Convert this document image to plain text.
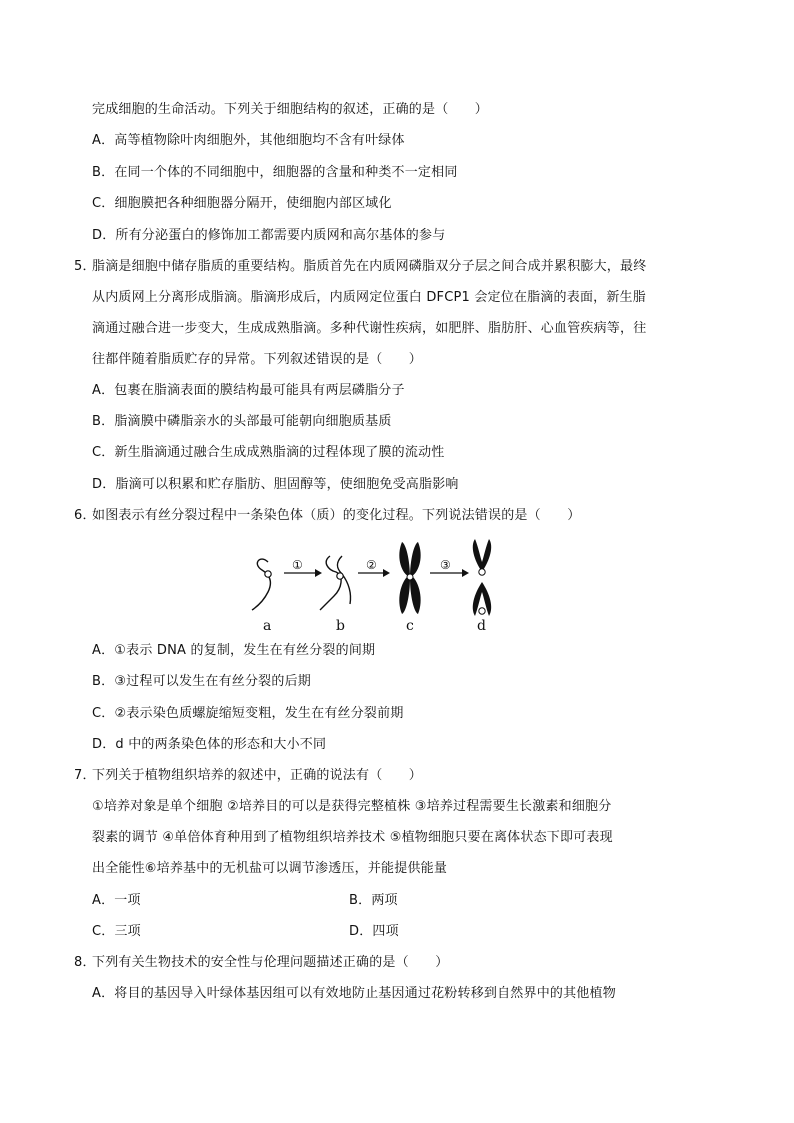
完成细胞的生命活动。下列关于细胞结构的叙述，正确的是（　　）
A．高等植物除叶肉细胞外，其他细胞均不含有叶绿体
B．在同一个体的不同细胞中，细胞器的含量和种类不一定相同
C．细胞膜把各种细胞器分隔开，使细胞内部区域化
D．所有分泌蛋白的修饰加工都需要内质网和高尔基体的参与
5．
脂滴是细胞中储存脂质的重要结构。脂质首先在内质网磷脂双分子层之间合成并累积膨大，最终
从内质网上分离形成脂滴。脂滴形成后，内质网定位蛋白 DFCP1 会定位在脂滴的表面，新生脂
滴通过融合进一步变大，生成成熟脂滴。多种代谢性疾病，如肥胖、脂肪肝、心血管疾病等，往
往都伴随着脂质贮存的异常。下列叙述错误的是（　　）
A．包裹在脂滴表面的膜结构最可能具有两层磷脂分子
B．脂滴膜中磷脂亲水的头部最可能朝向细胞质基质
C．新生脂滴通过融合生成成熟脂滴的过程体现了膜的流动性
D．脂滴可以积累和贮存脂肪、胆固醇等，使细胞免受高脂影响
6．
如图表示有丝分裂过程中一条染色体（质）的变化过程。下列说法错误的是（　　）
①	②	③
a	b	c	d
A．①表示 DNA 的复制，发生在有丝分裂的间期
B．③过程可以发生在有丝分裂的后期
C．②表示染色质螺旋缩短变粗，发生在有丝分裂前期
D．d 中的两条染色体的形态和大小不同
7．
下列关于植物组织培养的叙述中，正确的说法有（　　）
①培养对象是单个细胞 ②培养目的可以是获得完整植株 ③培养过程需要生长激素和细胞分
裂素的调节 ④单倍体育种用到了植物组织培养技术 ⑤植物细胞只要在离体状态下即可表现
出全能性⑥培养基中的无机盐可以调节渗透压，并能提供能量
A．一项	B．两项
C．三项	D．四项
8．
下列有关生物技术的安全性与伦理问题描述正确的是（　　）
A．将目的基因导入叶绿体基因组可以有效地防止基因通过花粉转移到自然界中的其他植物
